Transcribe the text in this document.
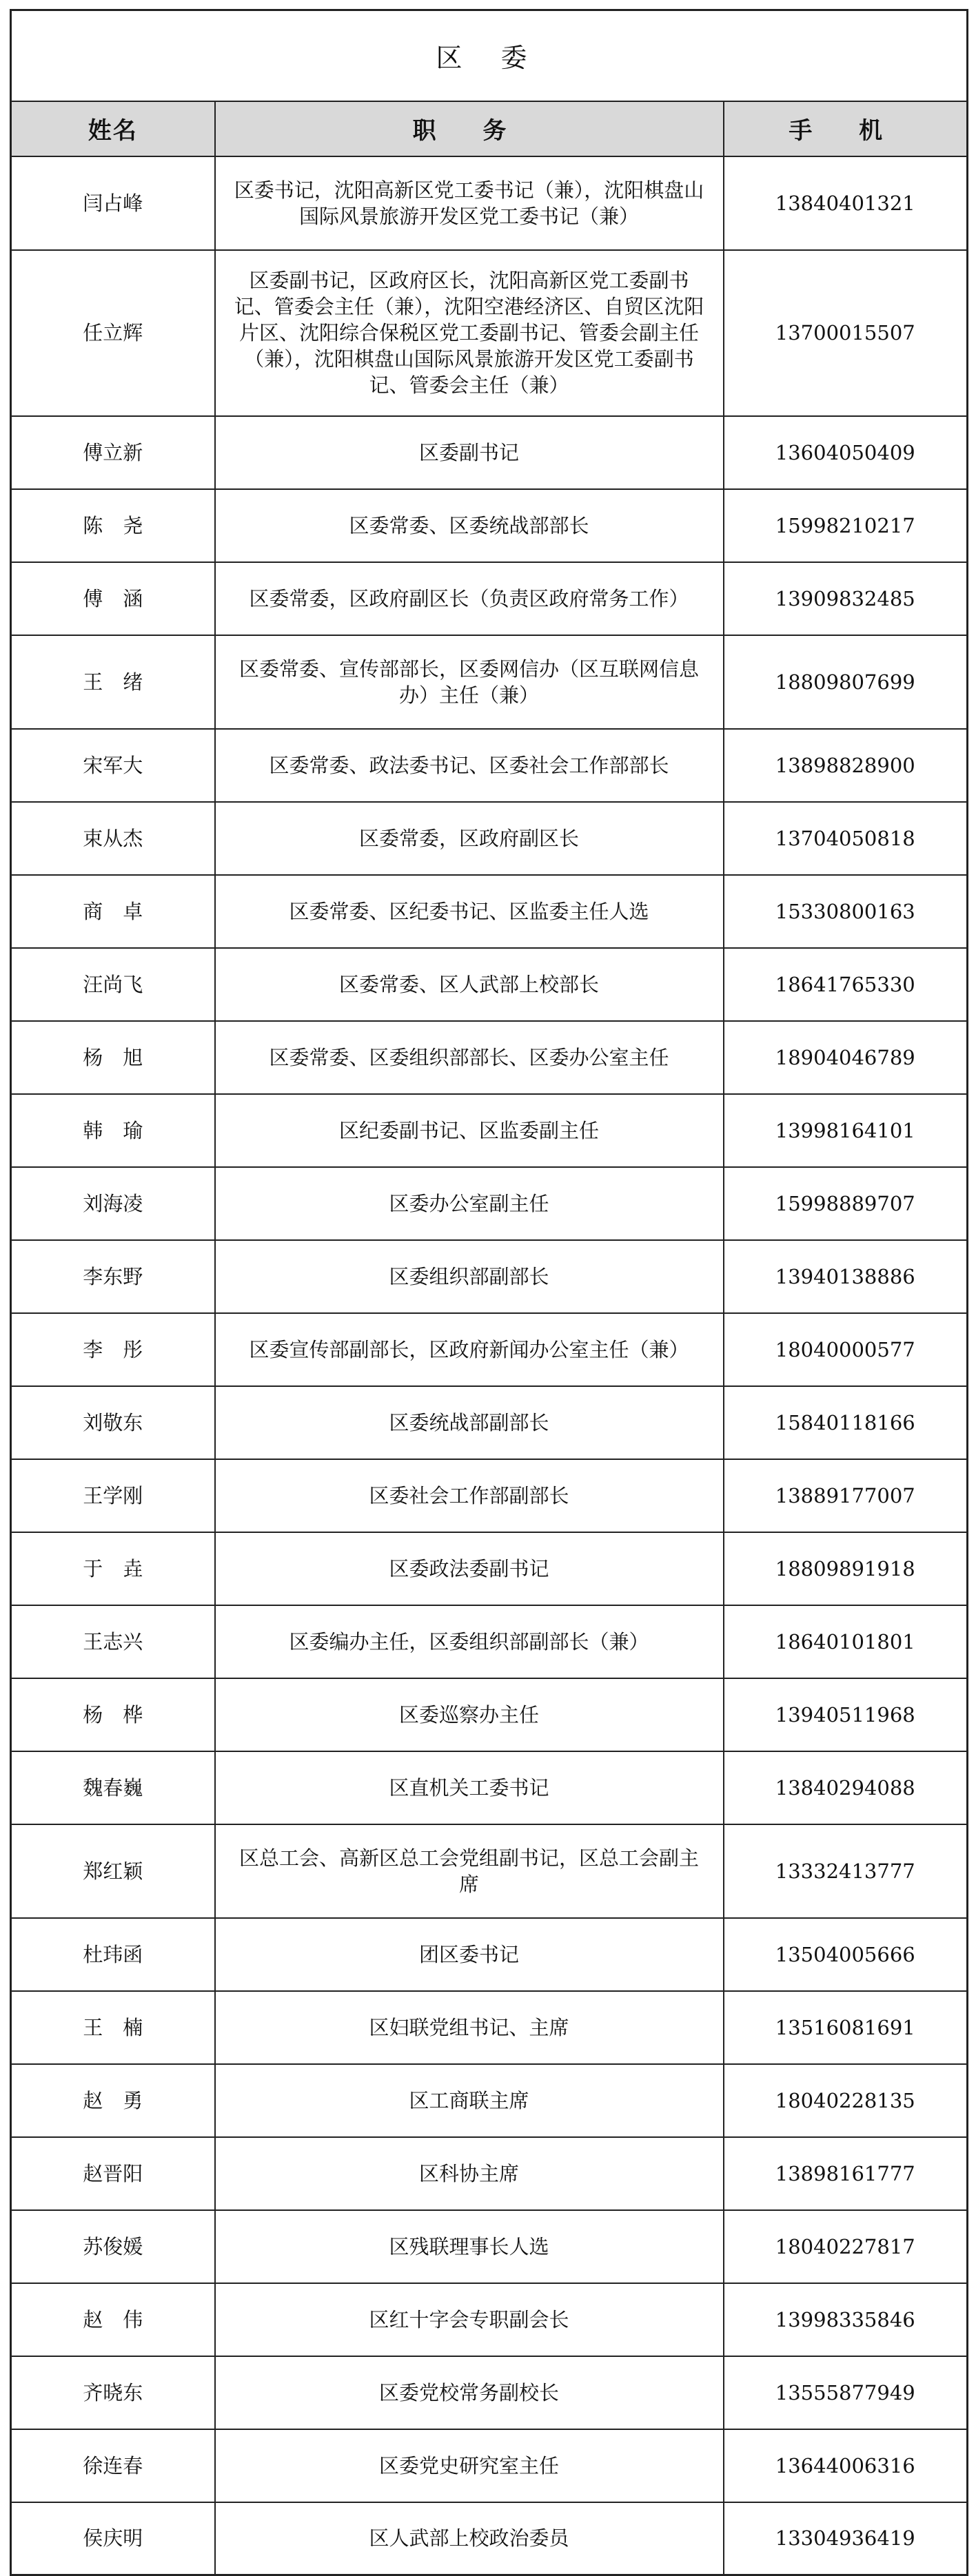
区 委		
姓名	职 务	手 机
闫占峰	区委书记，沈阳高新区党工委书记（兼），沈阳棋盘山国际风景旅游开发区党工委书记（兼）	13840401321
任立辉	区委副书记，区政府区长，沈阳高新区党工委副书记、管委会主任（兼），沈阳空港经济区、自贸区沈阳片区、沈阳综合保税区党工委副书记、管委会副主任（兼），沈阳棋盘山国际风景旅游开发区党工委副书记、管委会主任（兼）	13700015507
傅立新	区委副书记	13604050409
陈　尧	区委常委、区委统战部部长	15998210217
傅　涵	区委常委，区政府副区长（负责区政府常务工作）	13909832485
王　绪	区委常委、宣传部部长，区委网信办（区互联网信息办）主任（兼）	18809807699
宋军大	区委常委、政法委书记、区委社会工作部部长	13898828900
束从杰	区委常委，区政府副区长	13704050818
商　卓	区委常委、区纪委书记、区监委主任人选	15330800163
汪尚飞	区委常委、区人武部上校部长	18641765330
杨　旭	区委常委、区委组织部部长、区委办公室主任	18904046789
韩　瑜	区纪委副书记、区监委副主任	13998164101
刘海凌	区委办公室副主任	15998889707
李东野	区委组织部副部长	13940138886
李　彤	区委宣传部副部长，区政府新闻办公室主任（兼）	18040000577
刘敬东	区委统战部副部长	15840118166
王学刚	区委社会工作部副部长	13889177007
于　垚	区委政法委副书记	18809891918
王志兴	区委编办主任，区委组织部副部长（兼）	18640101801
杨　桦	区委巡察办主任	13940511968
魏春巍	区直机关工委书记	13840294088
郑红颖	区总工会、高新区总工会党组副书记，区总工会副主席	13332413777
杜玮函	团区委书记	13504005666
王　楠	区妇联党组书记、主席	13516081691
赵　勇	区工商联主席	18040228135
赵晋阳	区科协主席	13898161777
苏俊媛	区残联理事长人选	18040227817
赵　伟	区红十字会专职副会长	13998335846
齐晓东	区委党校常务副校长	13555877949
徐连春	区委党史研究室主任	13644006316
侯庆明	区人武部上校政治委员	13304936419
